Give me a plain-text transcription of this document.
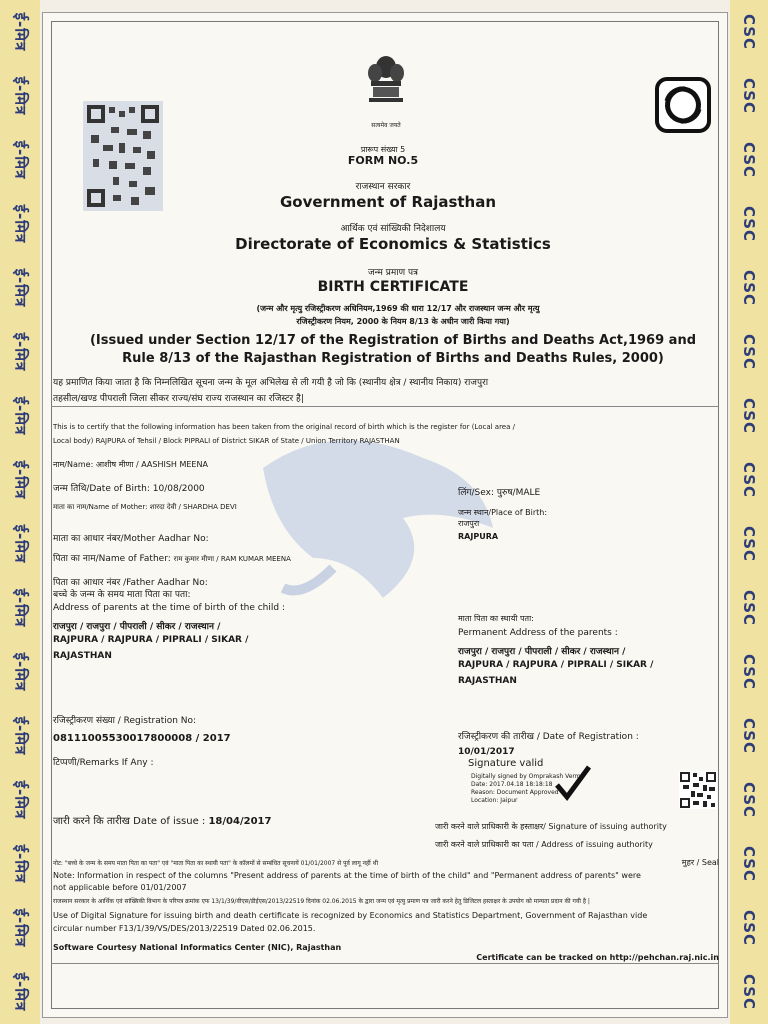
ई-मित्र
ई-मित्र
ई-मित्र
ई-मित्र
ई-मित्र
ई-मित्र
ई-मित्र
ई-मित्र
ई-मित्र
ई-मित्र
ई-मित्र
ई-मित्र
ई-मित्र
ई-मित्र
ई-मित्र
ई-मित्र
CSC
CSC
CSC
CSC
CSC
CSC
CSC
CSC
CSC
CSC
CSC
CSC
CSC
CSC
CSC
CSC
सत्यमेव जयते
प्रारूप संख्या 5
FORM NO.5
राजस्थान सरकार
Government of Rajasthan
आर्थिक एवं सांख्यिकी निदेशालय
Directorate of Economics & Statistics
जन्म प्रमाण पत्र
BIRTH CERTIFICATE
(जन्म और मृत्यु रजिस्ट्रीकरण अधिनियम,1969 की धारा 12/17 और राजस्थान जन्म और मृत्यु
रजिस्ट्रीकरण नियम, 2000 के नियम 8/13 के अधीन जारी किया गया)
(Issued under Section 12/17 of the Registration of Births and Deaths Act,1969 and
Rule 8/13 of the Rajasthan Registration of Births and Deaths Rules, 2000)
यह प्रमाणित किया जाता है कि निम्नलिखित सूचना जन्म के मूल अभिलेख से ली गयी है जो कि (स्थानीय क्षेत्र / स्थानीय निकाय) राजपुरा
तहसील/खण्ड पीपराली जिला सीकर राज्य/संघ राज्य राजस्थान का रजिस्टर है|
This is to certify that the following information has been taken from the original record of birth which is the register for (Local area /
Local body) RAJPURA of Tehsil / Block PIPRALI of District SIKAR of State / Union Territory RAJASTHAN
नाम/Name: आशीष मीणा / AASHISH MEENA
जन्म तिथि/Date of Birth: 10/08/2000	लिंग/Sex: पुरुष/MALE
माता का नाम/Name of Mother: शारदा देवी / SHARDHA DEVI
जन्म स्थान/Place of Birth:
राजपुरा
RAJPURA
माता का आधार नंबर/Mother Aadhar No:
पिता का नाम/Name of Father: राम कुमार मीणा / RAM KUMAR MEENA
पिता का आधार नंबर /Father Aadhar No:
बच्चे के जन्म के समय माता पिता का पता:
Address of parents at the time of birth of the child :
राजपुरा / राजपुरा / पीपराली / सीकर / राजस्थान /
RAJPURA / RAJPURA / PIPRALI / SIKAR /
RAJASTHAN
माता पिता का स्थायी पता:
Permanent Address of the parents :
राजपुरा / राजपुरा / पीपराली / सीकर / राजस्थान /
RAJPURA / RAJPURA / PIPRALI / SIKAR /
RAJASTHAN
रजिस्ट्रीकरण संख्या / Registration No:
08111005530017800008 / 2017	रजिस्ट्रीकरण की तारीख / Date of Registration :
10/01/2017
टिप्पणी/Remarks If Any :	Signature valid
Digitally signed by Omprakash Verma
Date: 2017.04.18 18:18:18
Reason: Document Approved
Location: Jaipur
जारी करने कि तारीख Date of issue : 18/04/2017	जारी करने वाले प्राधिकारी के हस्ताक्षर/ Signature of issuing authority
जारी करने वाले प्राधिकारी का पता / Address of issuing authority
मुहर / Seal
नोट: "बच्चे के जन्म के समय माता पिता का पता" एवं "माता पिता का स्थायी पता" के कॉलमों से सम्बंधित सूचनायें 01/01/2007 से पूर्व लागू नहीं थी
Note: Information in respect of the columns "Present address of parents at the time of birth of the child" and "Permanent address of parents" were
not applicable before 01/01/2007
राजस्थान सरकार के आर्थिक एवं सांख्यिकी विभाग के परिपत्र क्रमांक एफ 13/1/39/वीएस/डीईएस/2013/22519 दिनांक 02.06.2015 के द्वारा जन्म एवं मृत्यु प्रमाण पत्र जारी करने हेतु डिजिटल हस्ताक्षर के उपयोग को मान्यता प्रदान की गयी है |
Use of Digital Signature for issuing birth and death certificate is recognized by Economics and Statistics Department, Government of Rajasthan vide
circular number F13/1/39/VS/DES/2013/22519 Dated 02.06.2015.
Software Courtesy National Informatics Center (NIC), Rajasthan
Certificate can be tracked on http://pehchan.raj.nic.in
